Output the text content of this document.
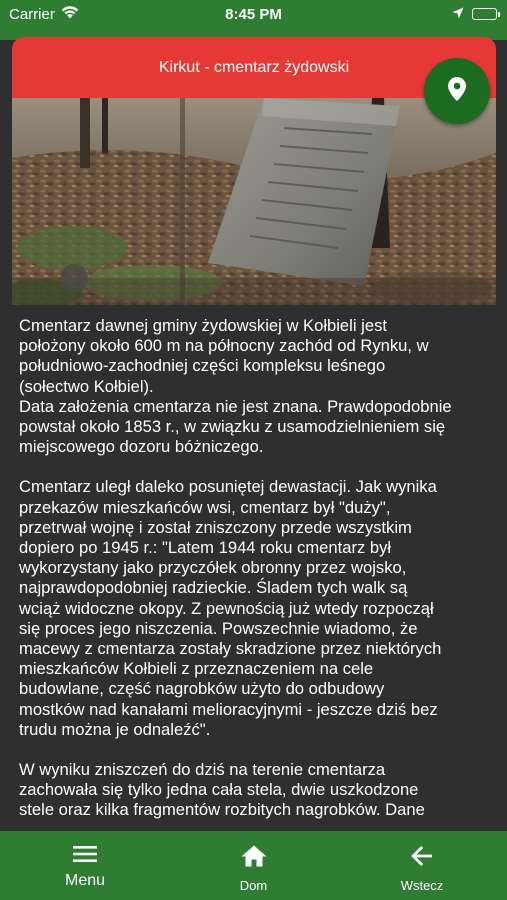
Carrier	8:45 PM
Kirkut - cmentarz żydowski

Cmentarz dawnej gminy żydowskiej w Kołbieli jest
położony około 600 m na północny zachód od Rynku, w
południowo-zachodniej części kompleksu leśnego
(sołectwo Kołbiel).
Data założenia cmentarza nie jest znana. Prawdopodobnie
powstał około 1853 r., w związku z usamodzielnieniem się
miejscowego dozoru bóżniczego.

Cmentarz uległ daleko posuniętej dewastacji. Jak wynika
przekazów mieszkańców wsi, cmentarz był "duży",
przetrwał wojnę i został zniszczony przede wszystkim
dopiero po 1945 r.: "Latem 1944 roku cmentarz był
wykorzystany jako przyczółek obronny przez wojsko,
najprawdopodobniej radzieckie. Śladem tych walk są
wciąż widoczne okopy. Z pewnością już wtedy rozpoczął
się proces jego niszczenia. Powszechnie wiadomo, że
macewy z cmentarza zostały skradzione przez niektórych
mieszkańców Kołbieli z przeznaczeniem na cele
budowlane, część nagrobków użyto do odbudowy
mostków nad kanałami melioracyjnymi - jeszcze dziś bez
trudu można je odnaleźć".

W wyniku zniszczeń do dziś na terenie cmentarza
zachowała się tylko jedna cała stela, dwie uszkodzone
stele oraz kilka fragmentów rozbitych nagrobków. Dane

Menu	Dom	Wstecz
